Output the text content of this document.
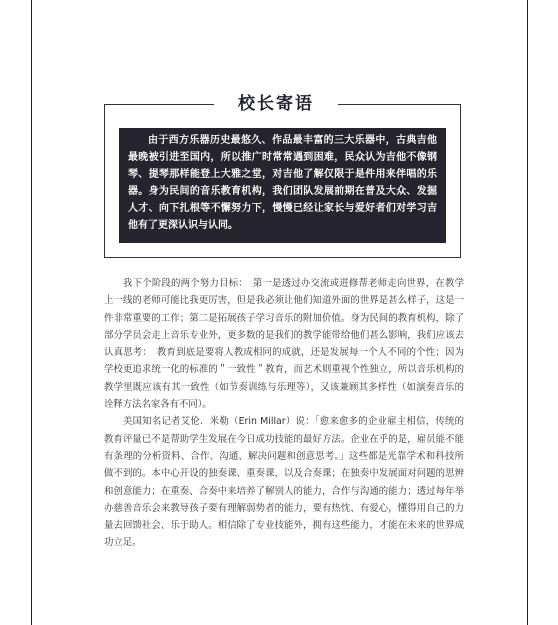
校长寄语

由于西方乐器历史最悠久、作品最丰富的三大乐器中，古典吉他最晚被引进至国内，所以推广时常常遇到困难，民众认为吉他不像钢琴、提琴那样能登上大雅之堂，对吉他了解仅限于是件用来伴唱的乐器。身为民间的音乐教育机构，我们团队发展前期在普及大众、发掘人才、向下扎根等不懈努力下，慢慢已经让家长与爱好者们对学习吉他有了更深认识与认同。

我下个阶段的两个努力目标：　第一是透过办交流或进修帮老师走向世界，在教学上一线的老师可能比我更厉害，但是我必须让他们知道外面的世界是甚么样子，这是一件非常重要的工作；第二是拓展孩子学习音乐的附加价值。身为民间的教育机构，除了部分学员会走上音乐专业外，更多数的是我们的教学能带给他们甚么影响，我们应该去认真思考：　教育到底是要将人教成相同的成就，还是发展每一个人不同的个性；因为学校更追求统一化的标准的＂一致性＂教育，而艺术则重视个性独立，所以音乐机构的教学里既应该有其一致性（如节奏训练与乐理等），又该兼顾其多样性（如演奏音乐的诠释方法名家各有不同）。

美国知名记者艾伦．米勒（Erin Millar）说：「愈来愈多的企业雇主相信，传统的教育评量已不是帮助学生发展在今日成功技能的最好方法。企业在乎的是，雇员能不能有条理的分析资料、合作、沟通、解决问题和创意思考。」这些都是光靠学术和科技所做不到的。本中心开设的独奏课、重奏课，以及合奏课；在独奏中发展面对问题的思辨和创意能力；在重奏、合奏中来培养了解别人的能力，合作与沟通的能力；透过每年举办慈善音乐会来教导孩子要有理解弱势者的能力，要有热忱、有爱心，懂得用自己的力量去回馈社会、乐于助人。相信除了专业技能外，拥有这些能力，才能在未来的世界成功立足。
